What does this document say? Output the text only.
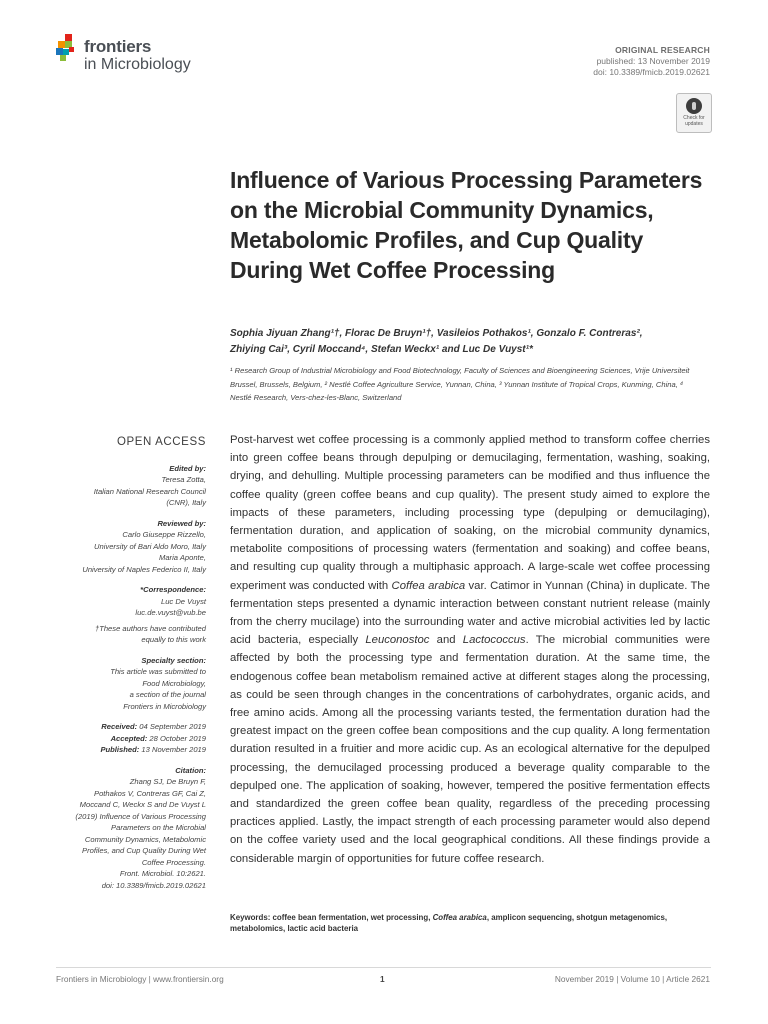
frontiers
in Microbiology
ORIGINAL RESEARCH
published: 13 November 2019
doi: 10.3389/fmicb.2019.02621
Check for
updates
Influence of Various Processing Parameters on the Microbial Community Dynamics, Metabolomic Profiles, and Cup Quality During Wet Coffee Processing
Sophia Jiyuan Zhang¹†, Florac De Bruyn¹†, Vasileios Pothakos¹, Gonzalo F. Contreras²,
Zhiying Cai³, Cyril Moccand⁴, Stefan Weckx¹ and Luc De Vuyst¹*
¹ Research Group of Industrial Microbiology and Food Biotechnology, Faculty of Sciences and Bioengineering Sciences, Vrije Universiteit Brussel, Brussels, Belgium, ² Nestlé Coffee Agriculture Service, Yunnan, China, ³ Yunnan Institute of Tropical Crops, Kunming, China, ⁴ Nestlé Research, Vers-chez-les-Blanc, Switzerland
OPEN ACCESS
Edited by:
Teresa Zotta,
Italian National Research Council
(CNR), Italy
Reviewed by:
Carlo Giuseppe Rizzello,
University of Bari Aldo Moro, Italy
Maria Aponte,
University of Naples Federico II, Italy
*Correspondence:
Luc De Vuyst
luc.de.vuyst@vub.be
†These authors have contributed
equally to this work
Specialty section:
This article was submitted to
Food Microbiology,
a section of the journal
Frontiers in Microbiology
Received: 04 September 2019
Accepted: 28 October 2019
Published: 13 November 2019
Citation:
Zhang SJ, De Bruyn F,
Pothakos V, Contreras GF, Cai Z,
Moccand C, Weckx S and De Vuyst L
(2019) Influence of Various Processing
Parameters on the Microbial
Community Dynamics, Metabolomic
Profiles, and Cup Quality During Wet
Coffee Processing.
Front. Microbiol. 10:2621.
doi: 10.3389/fmicb.2019.02621

Post-harvest wet coffee processing is a commonly applied method to transform coffee cherries into green coffee beans through depulping or demucilaging, fermentation, washing, soaking, drying, and dehulling. Multiple processing parameters can be modified and thus influence the coffee quality (green coffee beans and cup quality). The present study aimed to explore the impacts of these parameters, including processing type (depulping or demucilaging), fermentation duration, and application of soaking, on the microbial community dynamics, metabolite compositions of processing waters (fermentation and soaking) and coffee beans, and resulting cup quality through a multiphasic approach. A large-scale wet coffee processing experiment was conducted with Coffea arabica var. Catimor in Yunnan (China) in duplicate. The fermentation steps presented a dynamic interaction between constant nutrient release (mainly from the cherry mucilage) into the surrounding water and active microbial activities led by lactic acid bacteria, especially Leuconostoc and Lactococcus. The microbial communities were affected by both the processing type and fermentation duration. At the same time, the endogenous coffee bean metabolism remained active at different stages along the processing, as could be seen through changes in the concentrations of carbohydrates, organic acids, and free amino acids. Among all the processing variants tested, the fermentation duration had the greatest impact on the green coffee bean compositions and the cup quality. A long fermentation duration resulted in a fruitier and more acidic cup. As an ecological alternative for the depulped processing, the demucilaged processing produced a beverage quality comparable to the depulped one. The application of soaking, however, tempered the positive fermentation effects and standardized the green coffee bean quality, regardless of the preceding processing practices applied. Lastly, the impact strength of each processing parameter would also depend on the coffee variety used and the local geographical conditions. All these findings provide a considerable margin of opportunities for future coffee research.

Keywords: coffee bean fermentation, wet processing, Coffea arabica, amplicon sequencing, shotgun metagenomics, metabolomics, lactic acid bacteria
Frontiers in Microbiology | www.frontiersin.org	1	November 2019 | Volume 10 | Article 2621
